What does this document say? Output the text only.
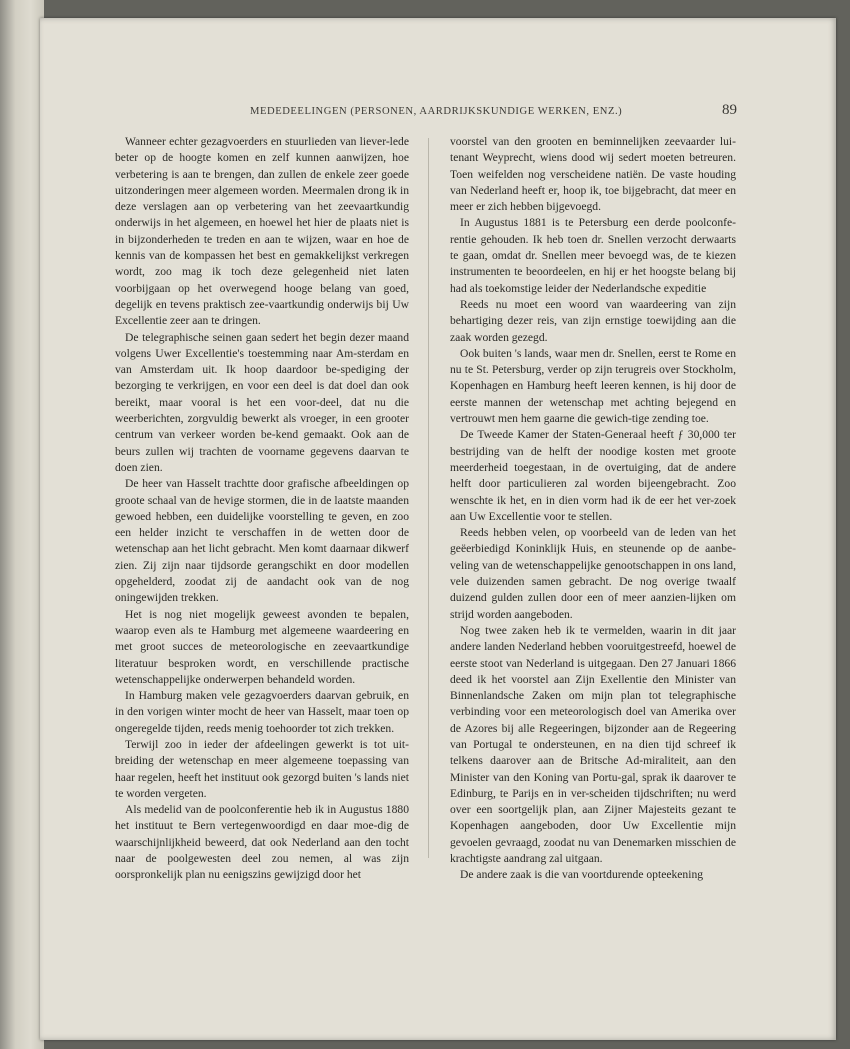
MEDEDEELINGEN (PERSONEN, AARDRIJKSKUNDIGE WERKEN, ENZ.)	89

Wanneer echter gezagvoerders en stuurlieden van liever-lede beter op de hoogte komen en zelf kunnen aanwijzen, hoe verbetering is aan te brengen, dan zullen de enkele zeer goede uitzonderingen meer algemeen worden. Meermalen drong ik in deze verslagen aan op verbetering van het zeevaartkundig onderwijs in het algemeen, en hoewel het hier de plaats niet is in bijzonderheden te treden en aan te wijzen, waar en hoe de kennis van de kompassen het best en gemakkelijkst verkregen wordt, zoo mag ik toch deze gelegenheid niet laten voorbijgaan op het overwegend hooge belang van goed, degelijk en tevens praktisch zee-vaartkundig onderwijs bij Uw Excellentie zeer aan te dringen.

De telegraphische seinen gaan sedert het begin dezer maand volgens Uwer Excellentie's toestemming naar Am-sterdam en van Amsterdam uit. Ik hoop daardoor be-spediging der bezorging te verkrijgen, en voor een deel is dat doel dan ook bereikt, maar vooral is het een voor-deel, dat nu die weerberichten, zorgvuldig bewerkt als vroeger, in een grooter centrum van verkeer worden be-kend gemaakt. Ook aan de beurs zullen wij trachten de voorname gegevens daarvan te doen zien.

De heer van Hasselt trachtte door grafische afbeeldingen op groote schaal van de hevige stormen, die in de laatste maanden gewoed hebben, een duidelijke voorstelling te geven, en zoo een helder inzicht te verschaffen in de wetten door de wetenschap aan het licht gebracht. Men komt daarnaar dikwerf zien. Zij zijn naar tijdsorde gerangschikt en door modellen opgehelderd, zoodat zij de aandacht ook van de nog oningewijden trekken.

Het is nog niet mogelijk geweest avonden te bepalen, waarop even als te Hamburg met algemeene waardeering en met groot succes de meteorologische en zeevaartkundige literatuur besproken wordt, en verschillende practische wetenschappelijke onderwerpen behandeld worden.

In Hamburg maken vele gezagvoerders daarvan gebruik, en in den vorigen winter mocht de heer van Hasselt, maar toen op ongeregelde tijden, reeds menig toehoorder tot zich trekken.

Terwijl zoo in ieder der afdeelingen gewerkt is tot uit-breiding der wetenschap en meer algemeene toepassing van haar regelen, heeft het instituut ook gezorgd buiten 's lands niet te worden vergeten.

Als medelid van de poolconferentie heb ik in Augustus 1880 het instituut te Bern vertegenwoordigd en daar moe-dig de waarschijnlijkheid beweerd, dat ook Nederland aan den tocht naar de poolgewesten deel zou nemen, al was zijn oorspronkelijk plan nu eenigszins gewijzigd door het

voorstel van den grooten en beminnelijken zeevaarder lui-tenant Weyprecht, wiens dood wij sedert moeten betreuren. Toen weifelden nog verscheidene natiën. De vaste houding van Nederland heeft er, hoop ik, toe bijgebracht, dat meer en meer er zich hebben bijgevoegd.

In Augustus 1881 is te Petersburg een derde poolconfe-rentie gehouden. Ik heb toen dr. Snellen verzocht derwaarts te gaan, omdat dr. Snellen meer bevoegd was, de te kiezen instrumenten te beoordeelen, en hij er het hoogste belang bij had als toekomstige leider der Nederlandsche expeditie

Reeds nu moet een woord van waardeering van zijn behartiging dezer reis, van zijn ernstige toewijding aan die zaak worden gezegd.

Ook buiten 's lands, waar men dr. Snellen, eerst te Rome en nu te St. Petersburg, verder op zijn terugreis over Stockholm, Kopenhagen en Hamburg heeft leeren kennen, is hij door de eerste mannen der wetenschap met achting bejegend en vertrouwt men hem gaarne die gewich-tige zending toe.

De Tweede Kamer der Staten-Generaal heeft ƒ 30,000 ter bestrijding van de helft der noodige kosten met groote meerderheid toegestaan, in de overtuiging, dat de andere helft door particulieren zal worden bijeengebracht. Zoo wenschte ik het, en in dien vorm had ik de eer het ver-zoek aan Uw Excellentie voor te stellen.

Reeds hebben velen, op voorbeeld van de leden van het geëerbiedigd Koninklijk Huis, en steunende op de aanbe-veling van de wetenschappelijke genootschappen in ons land, vele duizenden samen gebracht. De nog overige twaalf duizend gulden zullen door een of meer aanzien-lijken om strijd worden aangeboden.

Nog twee zaken heb ik te vermelden, waarin in dit jaar andere landen Nederland hebben vooruitgestreefd, hoewel de eerste stoot van Nederland is uitgegaan. Den 27 Januari 1866 deed ik het voorstel aan Zijn Exellentie den Minister van Binnenlandsche Zaken om mijn plan tot telegraphische verbinding voor een meteorologisch doel van Amerika over de Azores bij alle Regeeringen, bijzonder aan de Regeering van Portugal te ondersteunen, en na dien tijd schreef ik telkens daarover aan de Britsche Ad-miraliteit, aan den Minister van den Koning van Portu-gal, sprak ik daarover te Edinburg, te Parijs en in ver-scheiden tijdschriften; nu werd over een soortgelijk plan, aan Zijner Majesteits gezant te Kopenhagen aangeboden, door Uw Excellentie mijn gevoelen gevraagd, zoodat nu van Denemarken misschien de krachtigste aandrang zal uitgaan.

De andere zaak is die van voortdurende opteekening
